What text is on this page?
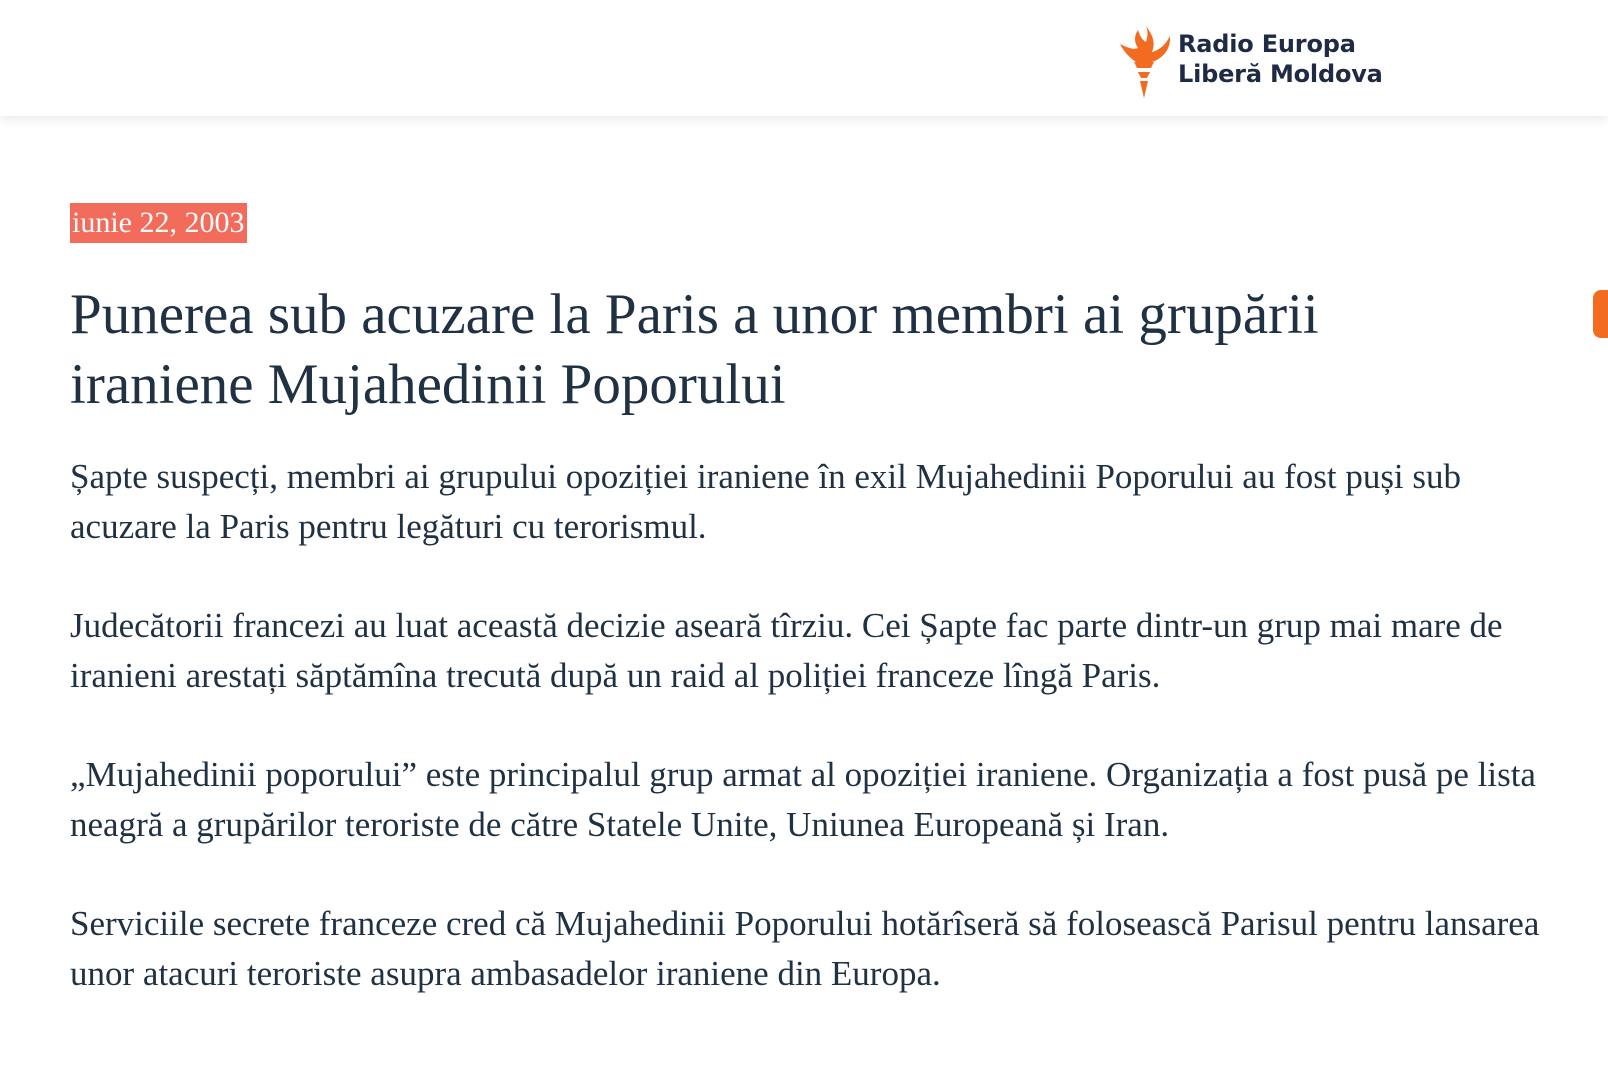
Radio Europa
Liberă Moldova
iunie 22, 2003
Punerea sub acuzare la Paris a unor membri ai grupării iraniene Mujahedinii Poporului

Șapte suspecți, membri ai grupului opoziției iraniene în exil Mujahedinii Poporului au fost puși sub acuzare la Paris pentru legături cu terorismul.

Judecătorii francezi au luat această decizie aseară tîrziu. Cei Șapte fac parte dintr-un grup mai mare de iranieni arestați săptămîna trecută după un raid al poliției franceze lîngă Paris.

„Mujahedinii poporului” este principalul grup armat al opoziției iraniene. Organizația a fost pusă pe lista neagră a grupărilor teroriste de către Statele Unite, Uniunea Europeană și Iran.

Serviciile secrete franceze cred că Mujahedinii Poporului hotărîseră să folosească Parisul pentru lansarea unor atacuri teroriste asupra ambasadelor iraniene din Europa.
